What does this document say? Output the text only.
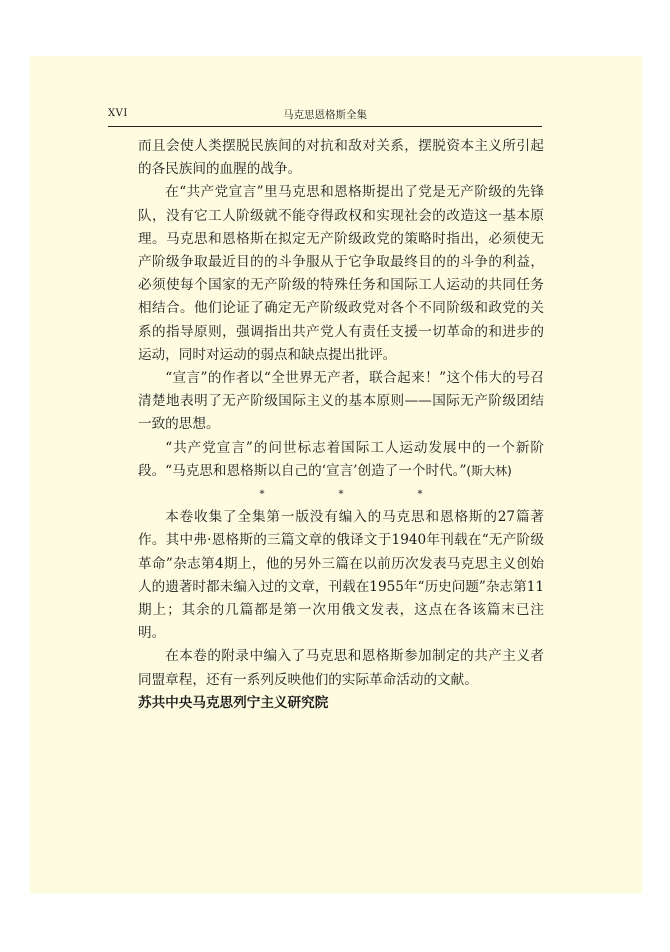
XVI	马克思恩格斯全集

而且会使人类摆脱民族间的对抗和敌对关系，摆脱资本主义所引起的各民族间的血腥的战争。

在“共产党宣言”里马克思和恩格斯提出了党是无产阶级的先锋队，没有它工人阶级就不能夺得政权和实现社会的改造这一基本原理。马克思和恩格斯在拟定无产阶级政党的策略时指出，必须使无产阶级争取最近目的的斗争服从于它争取最终目的的斗争的利益，必须使每个国家的无产阶级的特殊任务和国际工人运动的共同任务相结合。他们论证了确定无产阶级政党对各个不同阶级和政党的关系的指导原则，强调指出共产党人有责任支援一切革命的和进步的运动，同时对运动的弱点和缺点提出批评。

“宣言”的作者以“全世界无产者，联合起来！”这个伟大的号召清楚地表明了无产阶级国际主义的基本原则——国际无产阶级团结一致的思想。

“共产党宣言”的问世标志着国际工人运动发展中的一个新阶段。“马克思和恩格斯以自己的‘宣言’创造了一个时代。”(斯大林)

*	*	*

本卷收集了全集第一版没有编入的马克思和恩格斯的27篇著作。其中弗·恩格斯的三篇文章的俄译文于1940年刊载在“无产阶级革命”杂志第4期上，他的另外三篇在以前历次发表马克思主义创始人的遗著时都未编入过的文章，刊载在1955年“历史问题”杂志第11期上；其余的几篇都是第一次用俄文发表，这点在各该篇末已注明。

在本卷的附录中编入了马克思和恩格斯参加制定的共产主义者同盟章程，还有一系列反映他们的实际革命活动的文献。

苏共中央马克思列宁主义研究院
